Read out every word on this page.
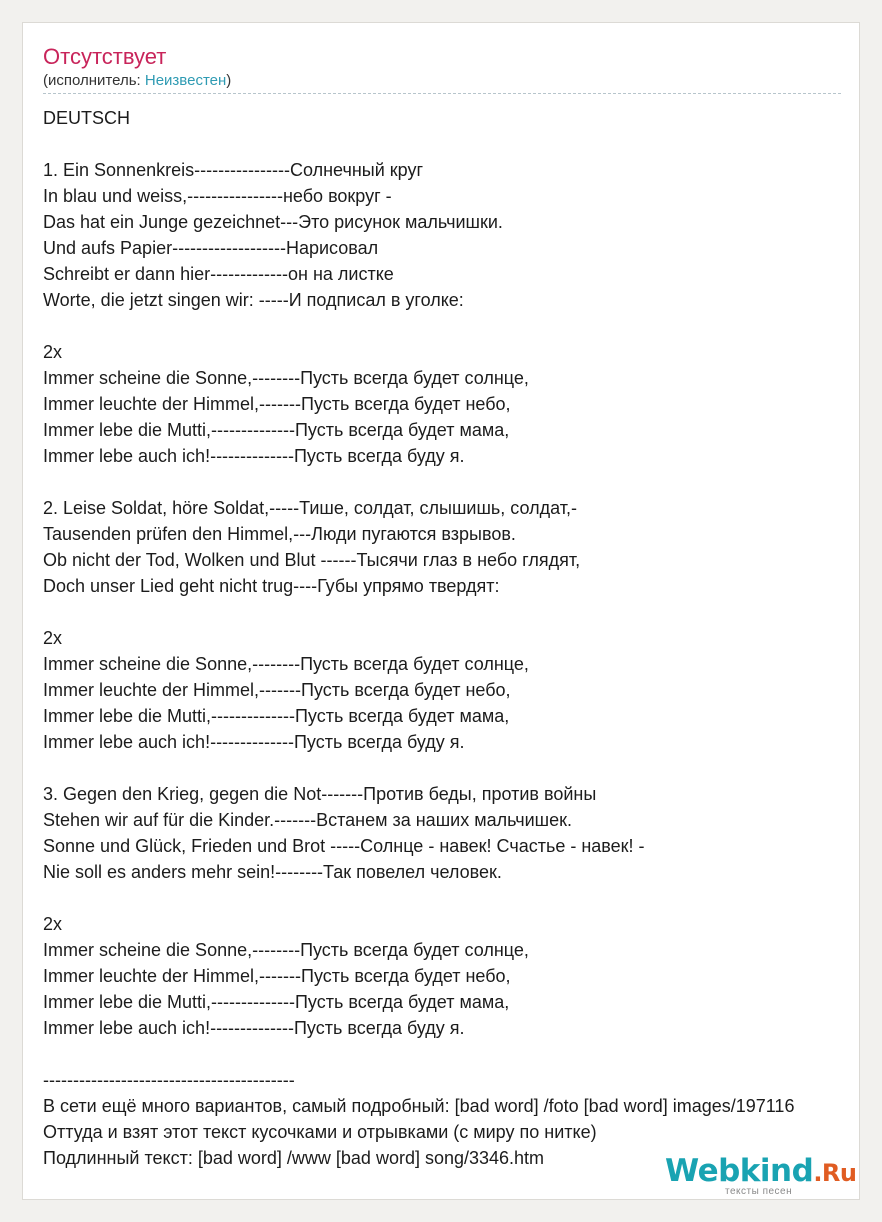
Отсутствует
(исполнитель: Неизвестен)
DEUTSCH
1. Ein Sonnenkreis----------------Солнечный круг
In blau und weiss,----------------небо вокруг -
Das hat ein Junge gezeichnet---Это рисунок мальчишки.
Und aufs Papier-------------------Нарисовал
Schreibt er dann hier-------------он на листке
Worte, die jetzt singen wir: -----И подписал в уголке:
2x
Immer scheine die Sonne,--------Пусть всегда будет солнце,
Immer leuchte der Himmel,-------Пусть всегда будет небо,
Immer lebe die Mutti,--------------Пусть всегда будет мама,
Immer lebe auch ich!--------------Пусть всегда буду я.
2. Leise Soldat, höre Soldat,-----Тише, солдат, слышишь, солдат,-
Tausenden prüfen den Himmel,---Люди пугаются взрывов.
Ob nicht der Tod, Wolken und Blut ------Тысячи глаз в небо глядят,
Doch unser Lied geht nicht trug----Губы упрямо твердят:
2x
Immer scheine die Sonne,--------Пусть всегда будет солнце,
Immer leuchte der Himmel,-------Пусть всегда будет небо,
Immer lebe die Mutti,--------------Пусть всегда будет мама,
Immer lebe auch ich!--------------Пусть всегда буду я.
3. Gegen den Krieg, gegen die Not-------Против беды, против войны
Stehen wir auf für die Kinder.-------Встанем за наших мальчишек.
Sonne und Glück, Frieden und Brot -----Солнце - навек! Счастье - навек! -
Nie soll es anders mehr sein!--------Так повелел человек.
2x
Immer scheine die Sonne,--------Пусть всегда будет солнце,
Immer leuchte der Himmel,-------Пусть всегда будет небо,
Immer lebe die Mutti,--------------Пусть всегда будет мама,
Immer lebe auch ich!--------------Пусть всегда буду я.
------------------------------------------
В сети ещё много вариантов, самый подробный: [bad word] /foto [bad word] images/197116
Оттуда и взят этот текст кусочками и отрывками (с миру по нитке)
Подлинный текст: [bad word] /www [bad word] song/3346.htm	Webkind.Ru
тексты песен
